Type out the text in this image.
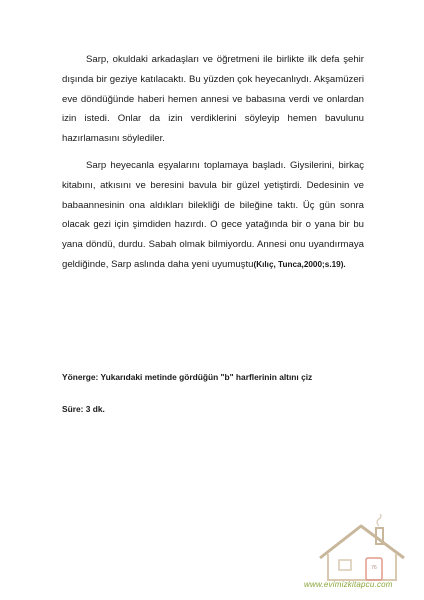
Sarp, okuldaki arkadaşları ve öğretmeni ile birlikte ilk defa şehir dışında bir geziye katılacaktı. Bu yüzden çok heyecanlıydı. Akşamüzeri eve döndüğünde haberi hemen annesi ve babasına verdi ve onlardan izin istedi. Onlar da izin verdiklerini söyleyip hemen bavulunu hazırlamasını söylediler.

Sarp heyecanla eşyalarını toplamaya başladı. Giysilerini, birkaç kitabını, atkısını ve beresini bavula bir güzel yetiştirdi. Dedesinin ve babaannesinin ona aldıkları bilekliği de bileğine taktı. Üç gün sonra olacak gezi için şimdiden hazırdı. O gece yatağında bir o yana bir bu yana döndü, durdu. Sabah olmak bilmiyordu. Annesi onu uyandırmaya geldiğinde, Sarp aslında daha yeni uyumuştu(Kılıç, Tunca,2000;s.19).

Yönerge: Yukarıdaki metinde gördüğün "b" harflerinin altını çiz

Süre: 3 dk.

76
www.evimizkitapcu.com
